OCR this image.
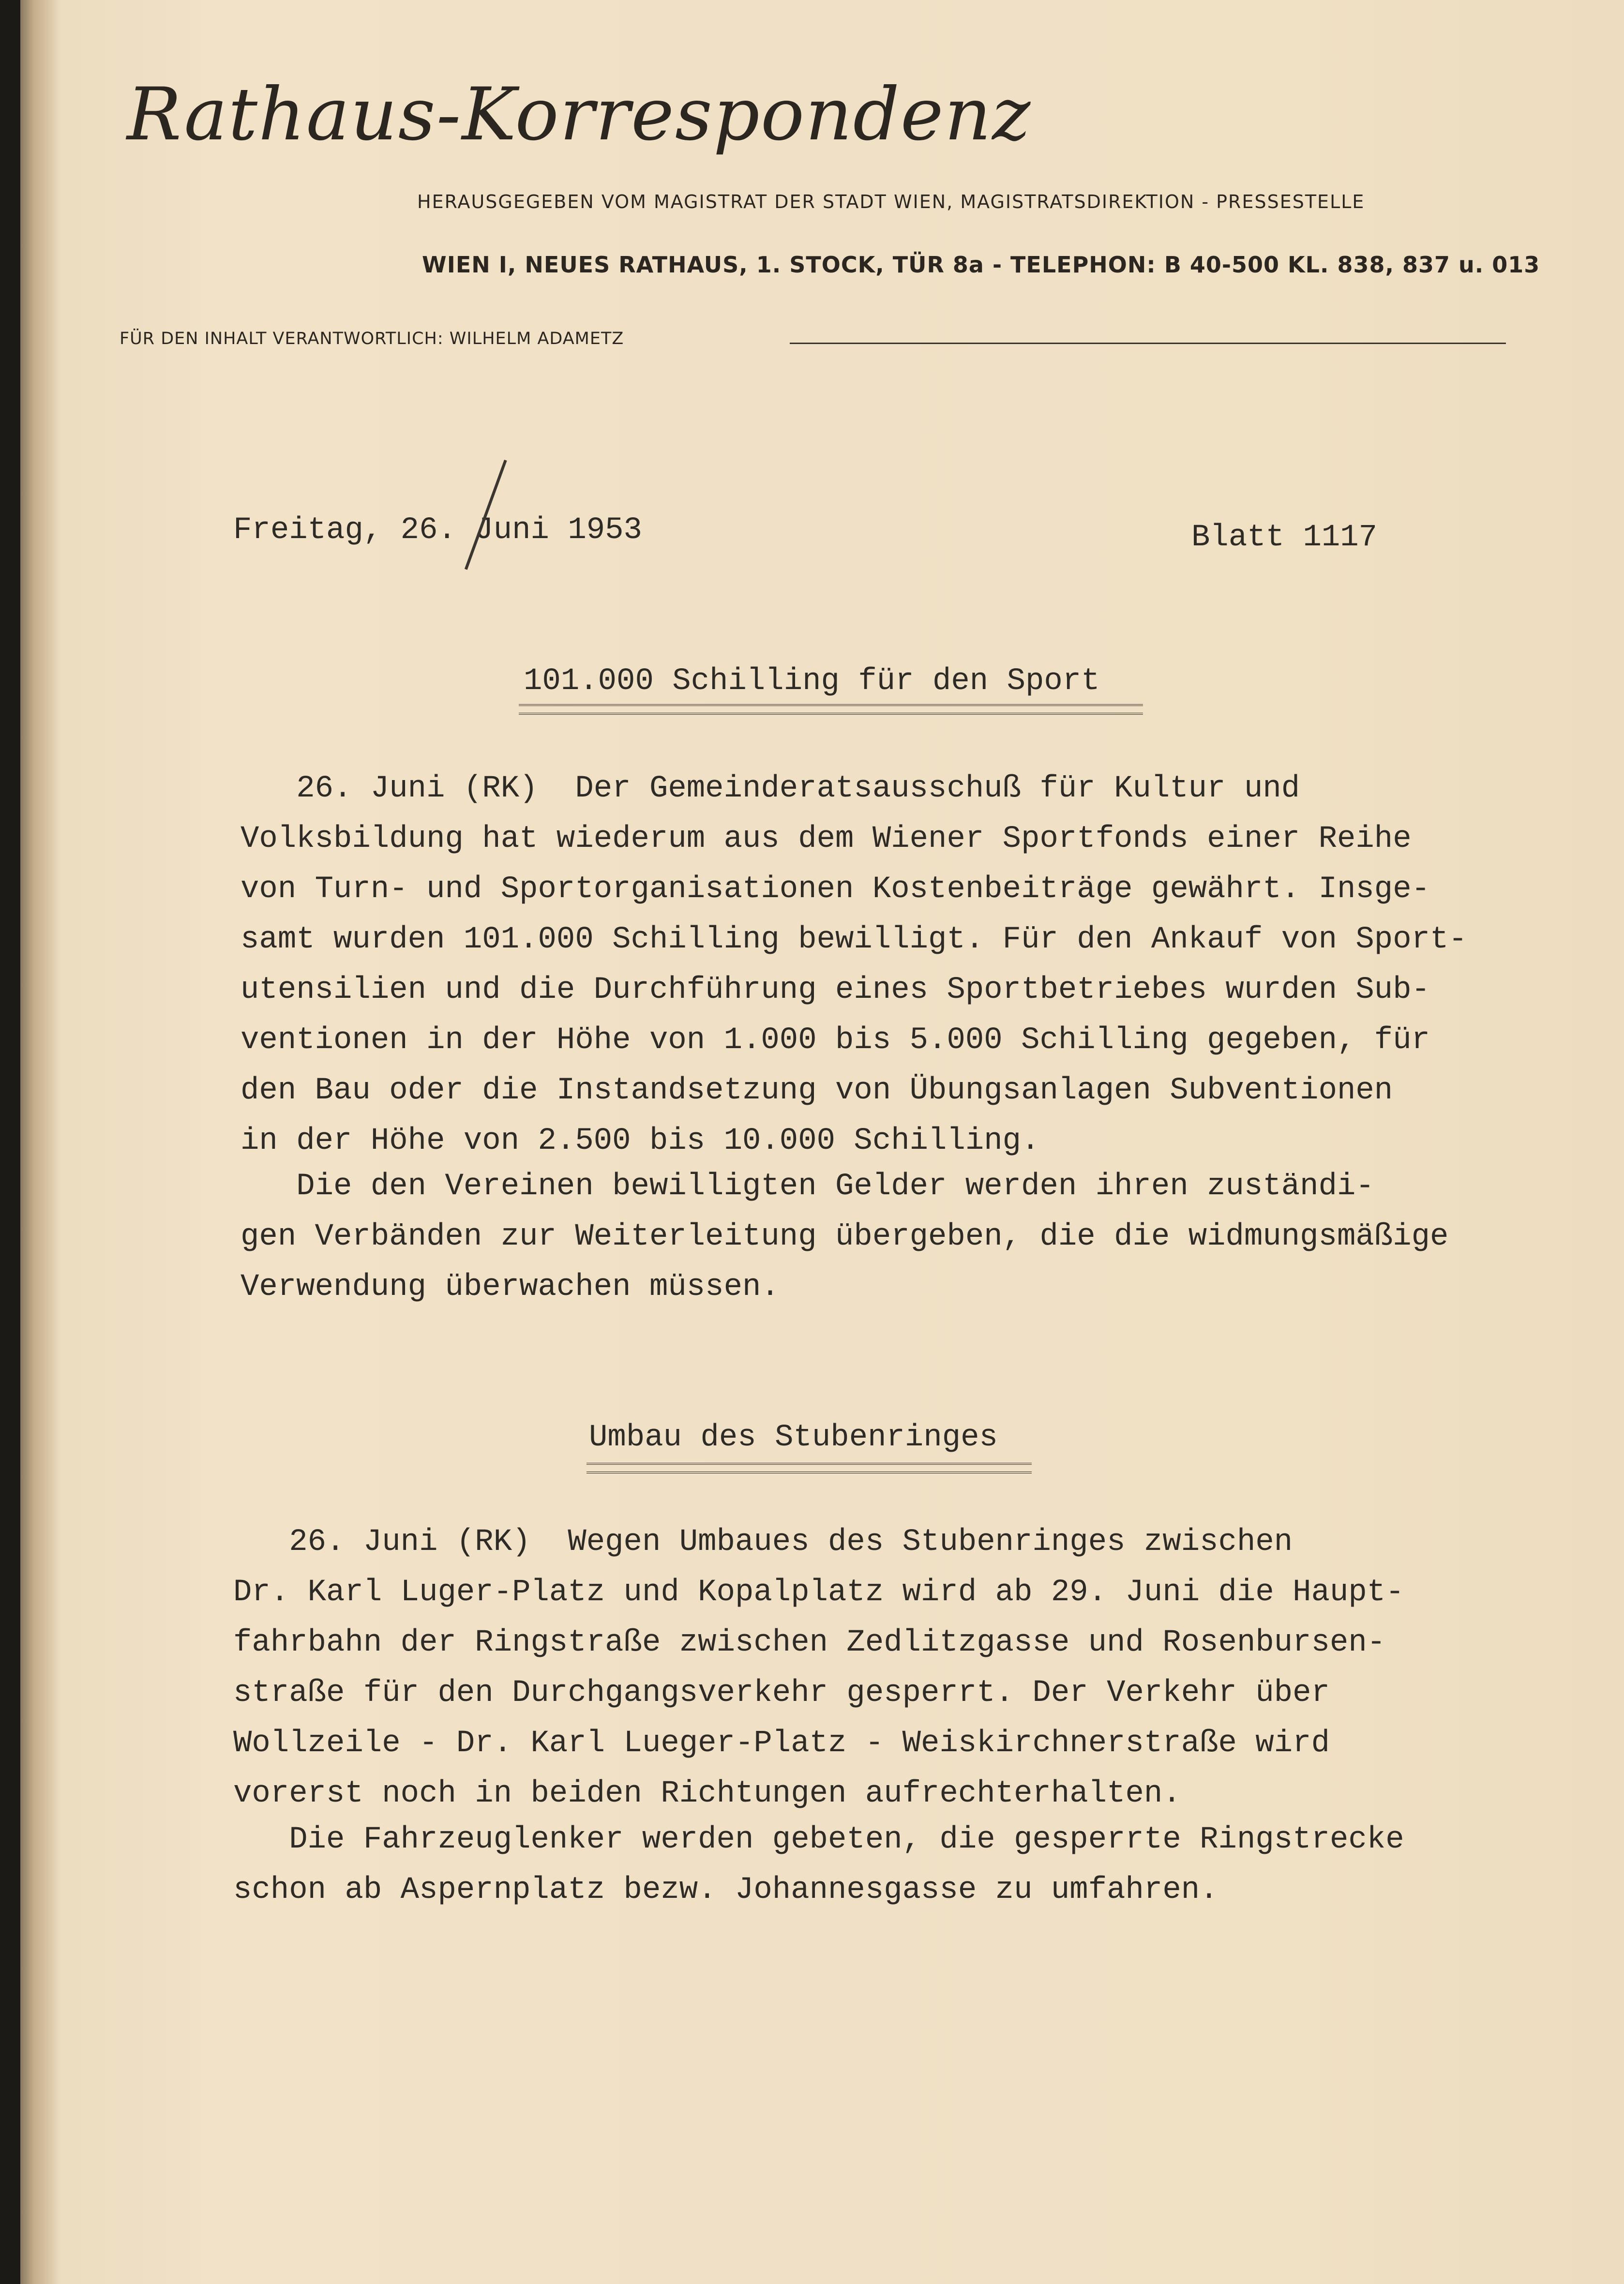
Rathaus-Korrespondenz
HERAUSGEGEBEN VOM MAGISTRAT DER STADT WIEN, MAGISTRATSDIREKTION - PRESSESTELLE
WIEN I, NEUES RATHAUS, 1. STOCK, TÜR 8a - TELEPHON: B 40-500 KL. 838, 837 u. 013
FÜR DEN INHALT VERANTWORTLICH: WILHELM ADAMETZ
Freitag, 26. Juni 1953	Blatt 1117
101.000 Schilling für den Sport
26. Juni (RK)  Der Gemeinderatsausschuß für Kultur und
Volksbildung hat wiederum aus dem Wiener Sportfonds einer Reihe
von Turn- und Sportorganisationen Kostenbeiträge gewährt. Insge-
samt wurden 101.000 Schilling bewilligt. Für den Ankauf von Sport-
utensilien und die Durchführung eines Sportbetriebes wurden Sub-
ventionen in der Höhe von 1.000 bis 5.000 Schilling gegeben, für
den Bau oder die Instandsetzung von Übungsanlagen Subventionen
in der Höhe von 2.500 bis 10.000 Schilling.
Die den Vereinen bewilligten Gelder werden ihren zuständi-
gen Verbänden zur Weiterleitung übergeben, die die widmungsmäßige
Verwendung überwachen müssen.
Umbau des Stubenringes
26. Juni (RK)  Wegen Umbaues des Stubenringes zwischen
Dr. Karl Luger-Platz und Kopalplatz wird ab 29. Juni die Haupt-
fahrbahn der Ringstraße zwischen Zedlitzgasse und Rosenbursen-
straße für den Durchgangsverkehr gesperrt. Der Verkehr über
Wollzeile - Dr. Karl Lueger-Platz - Weiskirchnerstraße wird
vorerst noch in beiden Richtungen aufrechterhalten.
Die Fahrzeuglenker werden gebeten, die gesperrte Ringstrecke
schon ab Aspernplatz bezw. Johannesgasse zu umfahren.
